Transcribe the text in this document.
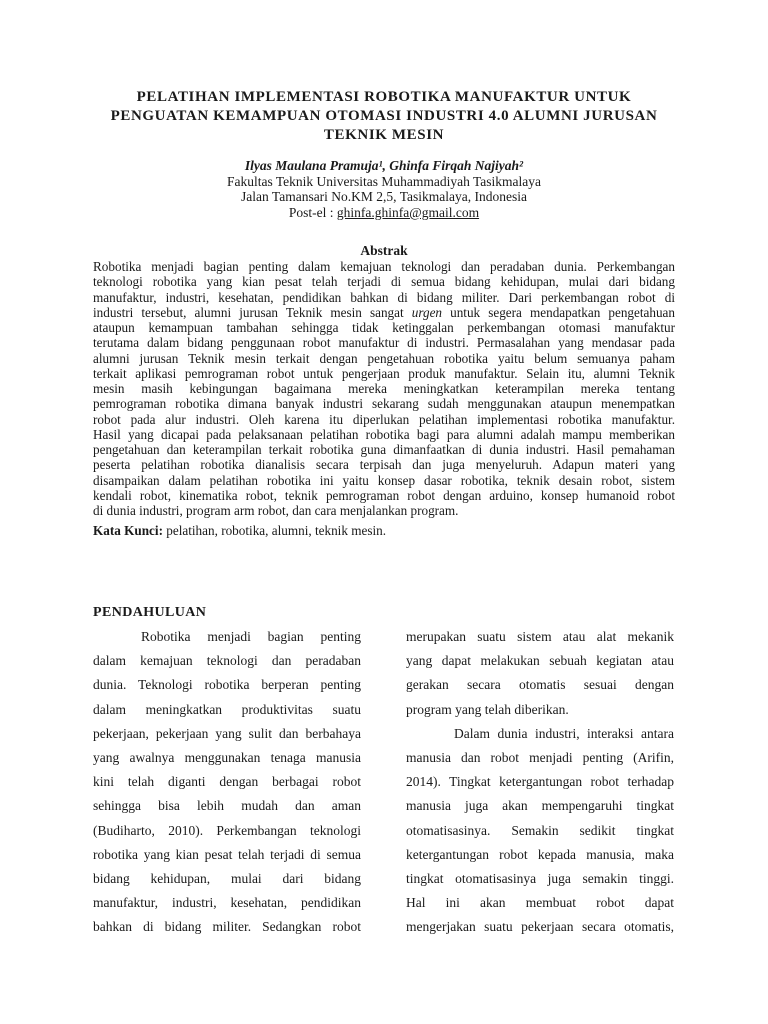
PELATIHAN IMPLEMENTASI ROBOTIKA MANUFAKTUR UNTUK
PENGUATAN KEMAMPUAN OTOMASI INDUSTRI 4.0 ALUMNI JURUSAN
TEKNIK MESIN
Ilyas Maulana Pramuja¹, Ghinfa Firqah Najiyah²
Fakultas Teknik Universitas Muhammadiyah Tasikmalaya
Jalan Tamansari No.KM 2,5, Tasikmalaya, Indonesia
Post-el : ghinfa.ghinfa@gmail.com
Abstrak
Robotika menjadi bagian penting dalam kemajuan teknologi dan peradaban dunia. Perkembangan
teknologi robotika yang kian pesat telah terjadi di semua bidang kehidupan, mulai dari bidang
manufaktur, industri, kesehatan, pendidikan bahkan di bidang militer. Dari perkembangan robot di
industri tersebut, alumni jurusan Teknik mesin sangat urgen untuk segera mendapatkan pengetahuan
ataupun kemampuan tambahan sehingga tidak ketinggalan perkembangan otomasi manufaktur
terutama dalam bidang penggunaan robot manufaktur di industri. Permasalahan yang mendasar pada
alumni jurusan Teknik mesin terkait dengan pengetahuan robotika yaitu belum semuanya paham
terkait aplikasi pemrograman robot untuk pengerjaan produk manufaktur. Selain itu, alumni Teknik
mesin masih kebingungan bagaimana mereka meningkatkan keterampilan mereka tentang
pemrograman robotika dimana banyak industri sekarang sudah menggunakan ataupun menempatkan
robot pada alur industri. Oleh karena itu diperlukan pelatihan implementasi robotika manufaktur.
Hasil yang dicapai pada pelaksanaan pelatihan robotika bagi para alumni adalah mampu memberikan
pengetahuan dan keterampilan terkait robotika guna dimanfaatkan di dunia industri. Hasil pemahaman
peserta pelatihan robotika dianalisis secara terpisah dan juga menyeluruh. Adapun materi yang
disampaikan dalam pelatihan robotika ini yaitu konsep dasar robotika, teknik desain robot, sistem
kendali robot, kinematika robot, teknik pemrograman robot dengan arduino, konsep humanoid robot
di dunia industri, program arm robot, dan cara menjalankan program.
Kata Kunci: pelatihan, robotika, alumni, teknik mesin.
PENDAHULUAN
Robotika menjadi bagian penting
dalam kemajuan teknologi dan peradaban
dunia. Teknologi robotika berperan penting
dalam meningkatkan produktivitas suatu
pekerjaan, pekerjaan yang sulit dan berbahaya
yang awalnya menggunakan tenaga manusia
kini telah diganti dengan berbagai robot
sehingga bisa lebih mudah dan aman
(Budiharto, 2010). Perkembangan teknologi
robotika yang kian pesat telah terjadi di semua
bidang kehidupan, mulai dari bidang
manufaktur, industri, kesehatan, pendidikan
bahkan di bidang militer. Sedangkan robot
merupakan suatu sistem atau alat mekanik
yang dapat melakukan sebuah kegiatan atau
gerakan secara otomatis sesuai dengan
program yang telah diberikan.
Dalam dunia industri, interaksi antara
manusia dan robot menjadi penting (Arifin,
2014). Tingkat ketergantungan robot terhadap
manusia juga akan mempengaruhi tingkat
otomatisasinya. Semakin sedikit tingkat
ketergantungan robot kepada manusia, maka
tingkat otomatisasinya juga semakin tinggi.
Hal ini akan membuat robot dapat
mengerjakan suatu pekerjaan secara otomatis,
